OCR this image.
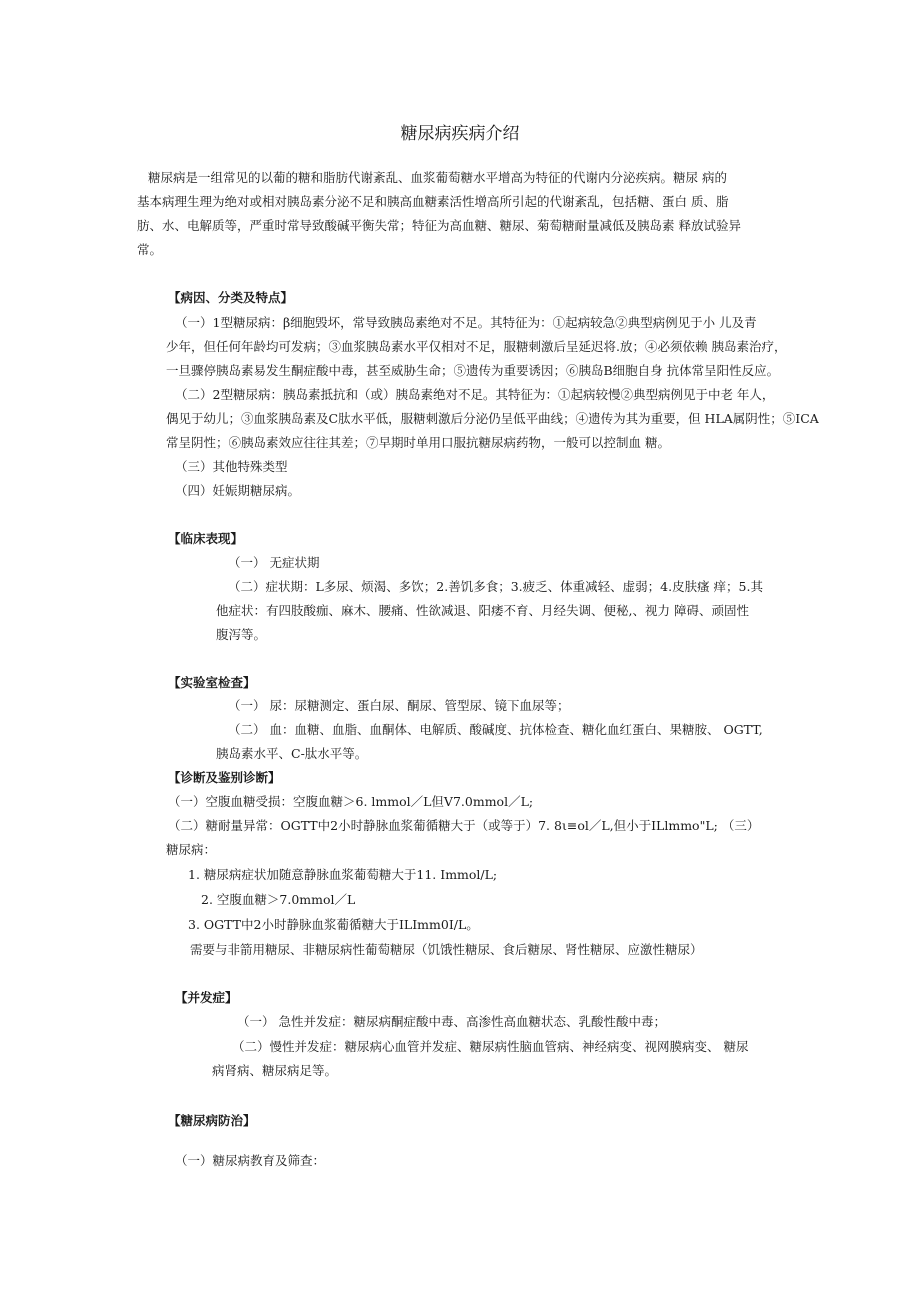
糖尿病疾病介绍
糖尿病是一组常见的以葡的糖和脂肪代谢紊乱、血浆葡萄糖水平增高为特征的代谢内分泌疾病。糖尿 病的
基本病理生理为绝对或相对胰岛素分泌不足和胰高血糖素活性增高所引起的代谢紊乱，包括糖、蛋白 质、脂
肪、水、电解质等，严重时常导致酸碱平衡失常；特征为高血糖、糖尿、菊萄糖耐量减低及胰岛素 释放试验异
常。
【病因、分类及特点】
（一）1型糖尿病：β细胞毁坏，常导致胰岛素绝对不足。其特征为：①起病较急②典型病例见于小 儿及青
少年，但任何年龄均可发病；③血浆胰岛素水平仅相对不足，服糖刺激后呈延迟将.放；④必须依赖 胰岛素治疗，
一旦骤停胰岛素易发生酮症酸中毒，甚至威胁生命；⑤遗传为重要诱因；⑥胰岛B细胞自身 抗体常呈阳性反应。
（二）2型糖尿病：胰岛素抵抗和（或）胰岛素绝对不足。其特征为：①起病较慢②典型病例见于中老 年人，
偶见于幼儿；③血浆胰岛素及C肽水平低，服糖刺激后分泌仍呈低平曲线；④遗传为其为重要，但 HLA属阴性；⑤ICA
常呈阴性；⑥胰岛素效应往往其差；⑦早期时单用口服抗糖尿病药物，一般可以控制血 糖。
（三）其他特殊类型
（四）妊娠期糖尿病。
【临床表现】
（一） 无症状期
（二）症状期：L多尿、烦渴、多饮；2.善饥多食；3.疲乏、体重减轻、虚弱；4.皮肤瘙 痒；5.其
他症状：有四肢酸痂、麻木、腰痛、性欲减退、阳痿不育、月经失调、便秘,、视力 障碍、顽固性
腹泻等。
【实验室检查】
（一） 尿：尿糖测定、蛋白尿、酮尿、管型尿、镜下血尿等；
（二） 血：血糖、血脂、血酮体、电解质、酸碱度、抗体检查、糖化血红蛋白、果糖胺、 OGTT,
胰岛素水平、C-肽水平等。
【诊断及鉴别诊断】
（一）空腹血糖受损：空腹血糖＞6. lmmol／L但V7.0mmol／L;
（二）糖耐量异常：OGTT中2小时静脉血浆葡循糖大于（或等于）7. 8ι≡ol／L,但小于ILlmmo"L; （三）
糖尿病：
1. 糖尿病症状加随意静脉血浆葡萄糖大于11. Immol/L;
2. 空腹血糖＞7.0mmol／L
3. OGTT中2小时静脉血浆葡循糖大于ILImm0I/L。
需要与非箭用糖尿、非糖尿病性葡萄糖尿（饥饿性糖尿、食后糖尿、肾性糖尿、应激性糖尿）
【并发症】
（一） 急性并发症：糖尿病酮症酸中毒、高渗性高血糖状态、乳酸性酸中毒；
（二）慢性并发症：糖尿病心血管并发症、糖尿病性脑血管病、神经病变、视网膜病变、 糖尿
病肾病、糖尿病足等。
【糖尿病防治】
（一）糖尿病教育及筛查：
